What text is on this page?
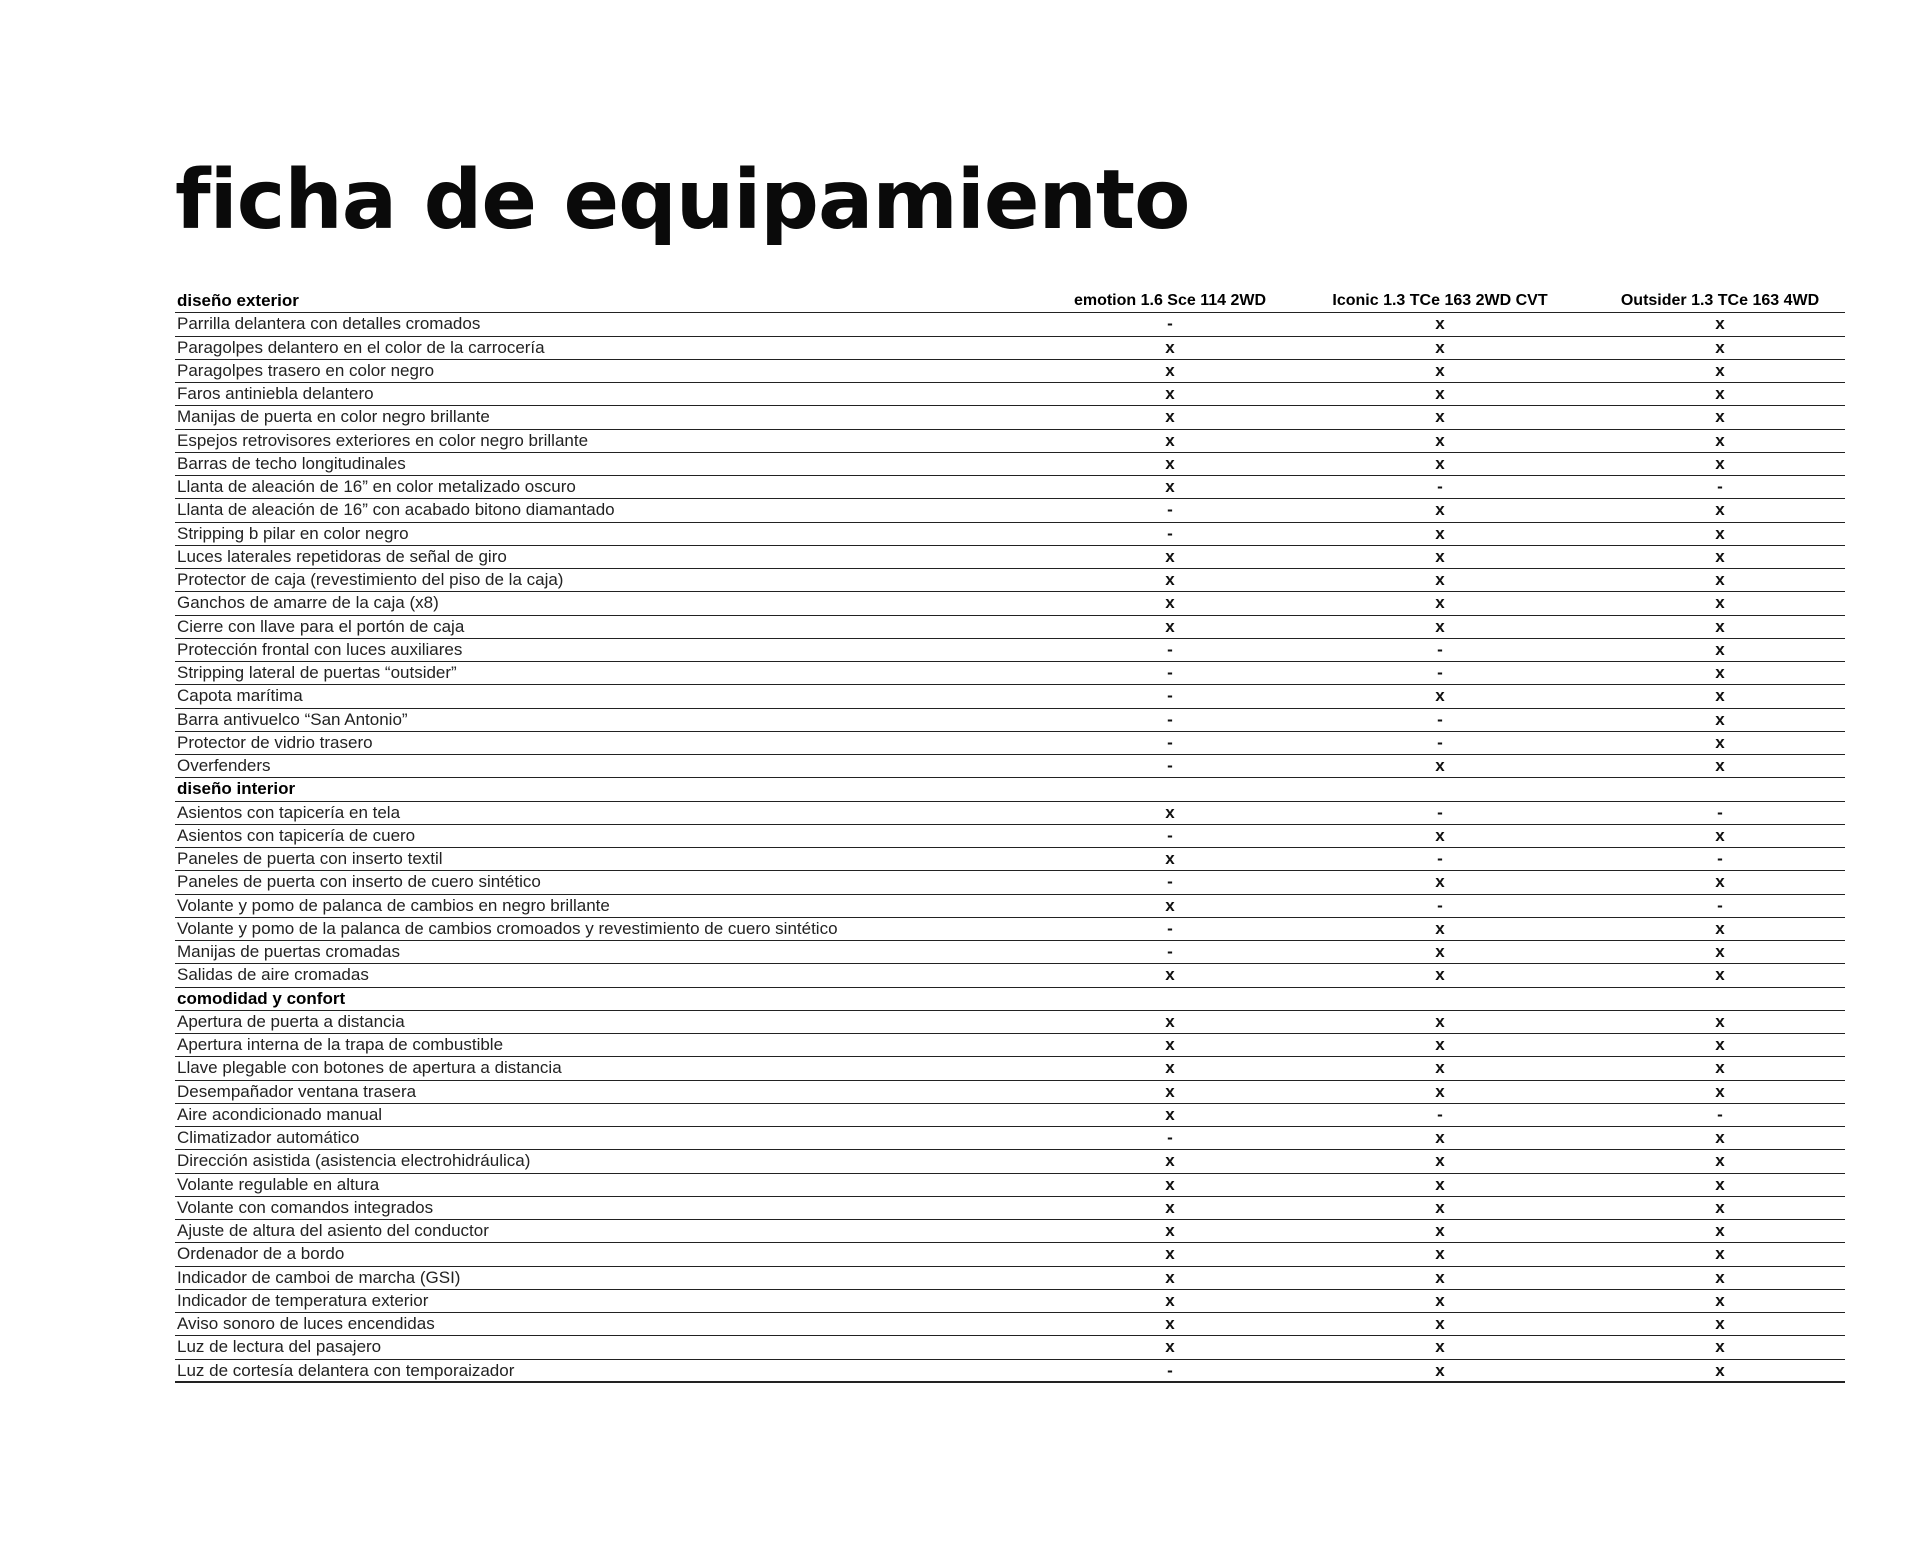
ficha de equipamiento
diseño exterior	emotion 1.6 Sce 114 2WD	Iconic 1.3 TCe 163 2WD CVT	Outsider 1.3 TCe 163 4WD
Parrilla delantera con detalles cromados	-	x	x
Paragolpes delantero en el color de la carrocería	x	x	x
Paragolpes trasero en color negro	x	x	x
Faros antiniebla delantero	x	x	x
Manijas de puerta en color negro brillante	x	x	x
Espejos retrovisores exteriores en color negro brillante	x	x	x
Barras de techo longitudinales	x	x	x
Llanta de aleación de 16” en color metalizado oscuro	x	-	-
Llanta de aleación de 16” con acabado bitono diamantado	-	x	x
Stripping b pilar en color negro	-	x	x
Luces laterales repetidoras de señal de giro	x	x	x
Protector de caja (revestimiento del piso de la caja)	x	x	x
Ganchos de amarre de la caja (x8)	x	x	x
Cierre con llave para el portón de caja	x	x	x
Protección frontal con luces auxiliares	-	-	x
Stripping lateral de puertas “outsider”	-	-	x
Capota marítima	-	x	x
Barra antivuelco “San Antonio”	-	-	x
Protector de vidrio trasero	-	-	x
Overfenders	-	x	x
diseño interior
Asientos con tapicería en tela	x	-	-
Asientos con tapicería de cuero	-	x	x
Paneles de puerta con inserto textil	x	-	-
Paneles de puerta con inserto de cuero sintético	-	x	x
Volante y pomo de palanca de cambios en negro brillante	x	-	-
Volante y pomo de la palanca de cambios cromoados y revestimiento de cuero sintético	-	x	x
Manijas de puertas cromadas	-	x	x
Salidas de aire cromadas	x	x	x
comodidad y confort
Apertura de puerta a distancia	x	x	x
Apertura interna de la trapa de combustible	x	x	x
Llave plegable con botones de apertura a distancia	x	x	x
Desempañador ventana trasera	x	x	x
Aire acondicionado manual	x	-	-
Climatizador automático	-	x	x
Dirección asistida (asistencia electrohidráulica)	x	x	x
Volante regulable en altura	x	x	x
Volante con comandos integrados	x	x	x
Ajuste de altura del asiento del conductor	x	x	x
Ordenador de a bordo	x	x	x
Indicador de camboi de marcha (GSI)	x	x	x
Indicador de temperatura exterior	x	x	x
Aviso sonoro de luces encendidas	x	x	x
Luz de lectura del pasajero	x	x	x
Luz de cortesía delantera con temporaizador	-	x	x
